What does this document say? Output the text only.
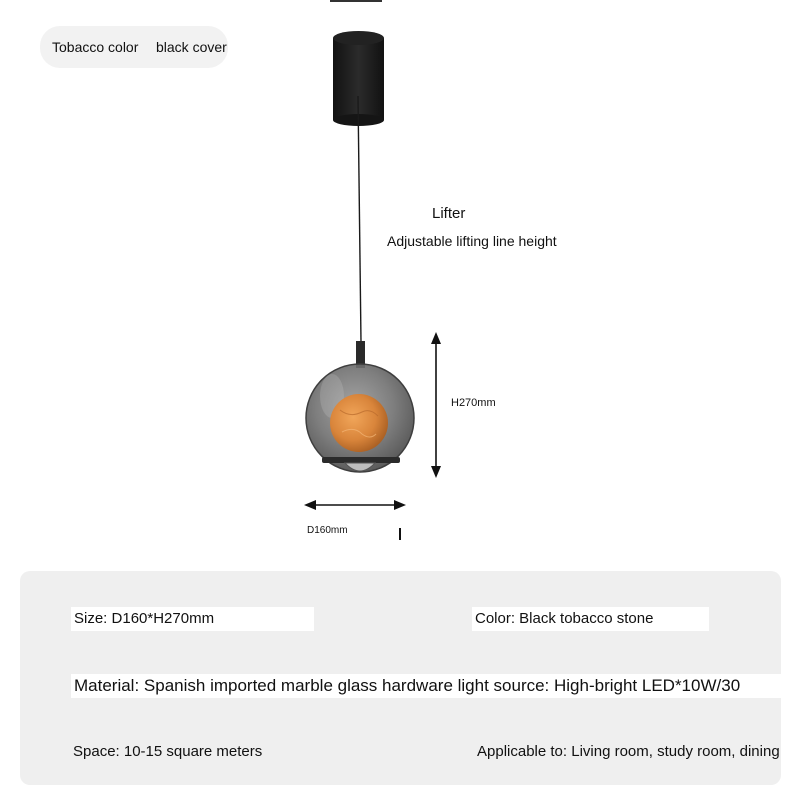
Tobacco color black cover
Lifter
Adjustable lifting line height
H270mm
D160mm
Size: D160*H270mm	Color: Black tobacco stone
Material: Spanish imported marble glass hardware light source: High-bright LED*10W/30
Space: 10-15 square meters	Applicable to: Living room, study room, dining
